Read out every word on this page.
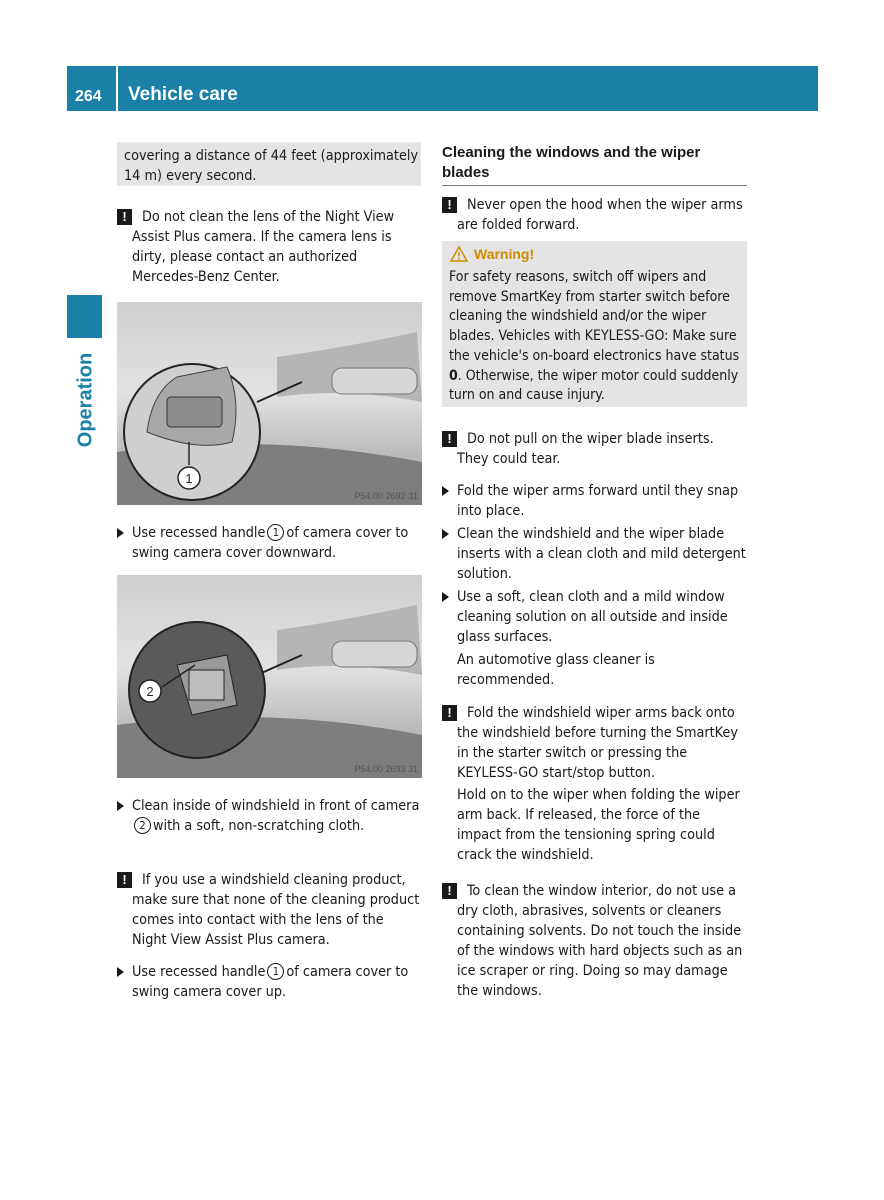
264 Vehicle care
Operation
covering a distance of 44 feet (approximately 14 m) every second.
!	Do not clean the lens of the Night View Assist Plus camera. If the camera lens is dirty, please contact an authorized Mercedes-Benz Center.
1
P54.00 2692 31
Use recessed handle 1 of camera cover to swing camera cover downward.
2
P54.00 2693 31
Clean inside of windshield in front of camera2 with a soft, non-scratching cloth.
!	If you use a windshield cleaning product, make sure that none of the cleaning product comes into contact with the lens of the Night View Assist Plus camera.
Use recessed handle 1 of camera cover to swing camera cover up.
Cleaning the windows and the wiper blades
!	Never open the hood when the wiper arms are folded forward.
Warning!
For safety reasons, switch off wipers and remove SmartKey from starter switch before cleaning the windshield and/or the wiper blades. Vehicles with KEYLESS-GO: Make sure the vehicle's on-board electronics have status 0. Otherwise, the wiper motor could suddenly turn on and cause injury.
!	Do not pull on the wiper blade inserts. They could tear.
Fold the wiper arms forward until they snap into place.
Clean the windshield and the wiper blade inserts with a clean cloth and mild detergent solution.
Use a soft, clean cloth and a mild window cleaning solution on all outside and inside glass surfaces.
An automotive glass cleaner is recommended.
!	Fold the windshield wiper arms back onto the windshield before turning the SmartKey in the starter switch or pressing the KEYLESS-GO start/stop button.
Hold on to the wiper when folding the wiper arm back. If released, the force of the impact from the tensioning spring could crack the windshield.
!	To clean the window interior, do not use a dry cloth, abrasives, solvents or cleaners containing solvents. Do not touch the inside of the windows with hard objects such as an ice scraper or ring. Doing so may damage the windows.
